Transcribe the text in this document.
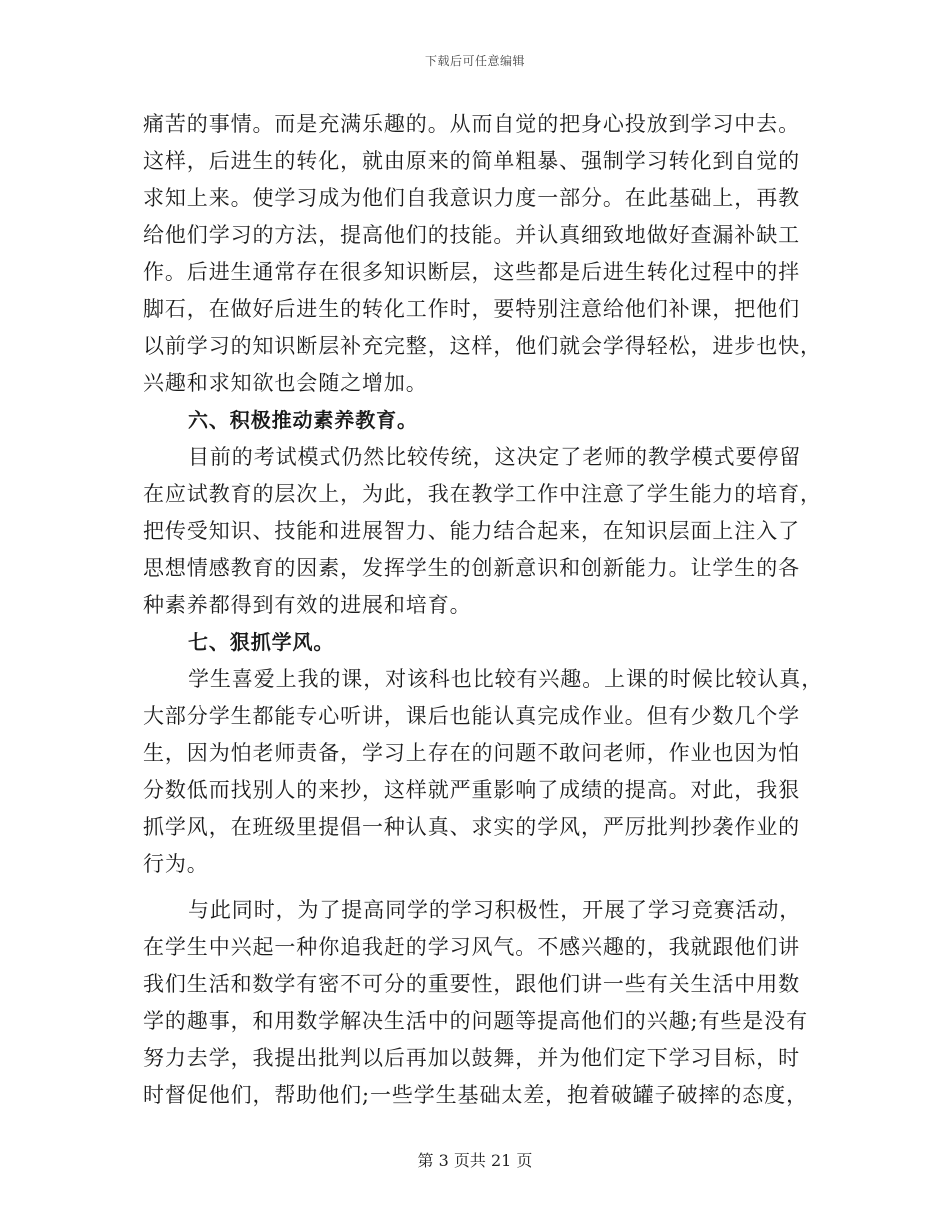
下载后可任意编辑
痛苦的事情。而是充满乐趣的。从而自觉的把身心投放到学习中去。
这样，后进生的转化，就由原来的简单粗暴、强制学习转化到自觉的
求知上来。使学习成为他们自我意识力度一部分。在此基础上，再教
给他们学习的方法，提高他们的技能。并认真细致地做好查漏补缺工
作。后进生通常存在很多知识断层，这些都是后进生转化过程中的拌
脚石，在做好后进生的转化工作时，要特别注意给他们补课，把他们
以前学习的知识断层补充完整，这样，他们就会学得轻松，进步也快，
兴趣和求知欲也会随之增加。
六、积极推动素养教育。
目前的考试模式仍然比较传统，这决定了老师的教学模式要停留
在应试教育的层次上，为此，我在教学工作中注意了学生能力的培育，
把传受知识、技能和进展智力、能力结合起来，在知识层面上注入了
思想情感教育的因素，发挥学生的创新意识和创新能力。让学生的各
种素养都得到有效的进展和培育。
七、狠抓学风。
学生喜爱上我的课，对该科也比较有兴趣。上课的时候比较认真，
大部分学生都能专心听讲，课后也能认真完成作业。但有少数几个学
生，因为怕老师责备，学习上存在的问题不敢问老师，作业也因为怕
分数低而找别人的来抄，这样就严重影响了成绩的提高。对此，我狠
抓学风，在班级里提倡一种认真、求实的学风，严厉批判抄袭作业的
行为。
与此同时，为了提高同学的学习积极性，开展了学习竞赛活动，
在学生中兴起一种你追我赶的学习风气。不感兴趣的，我就跟他们讲
我们生活和数学有密不可分的重要性，跟他们讲一些有关生活中用数
学的趣事，和用数学解决生活中的问题等提高他们的兴趣;有些是没有
努力去学，我提出批判以后再加以鼓舞，并为他们定下学习目标，时
时督促他们，帮助他们;一些学生基础太差，抱着破罐子破摔的态度，
第 3 页共 21 页
